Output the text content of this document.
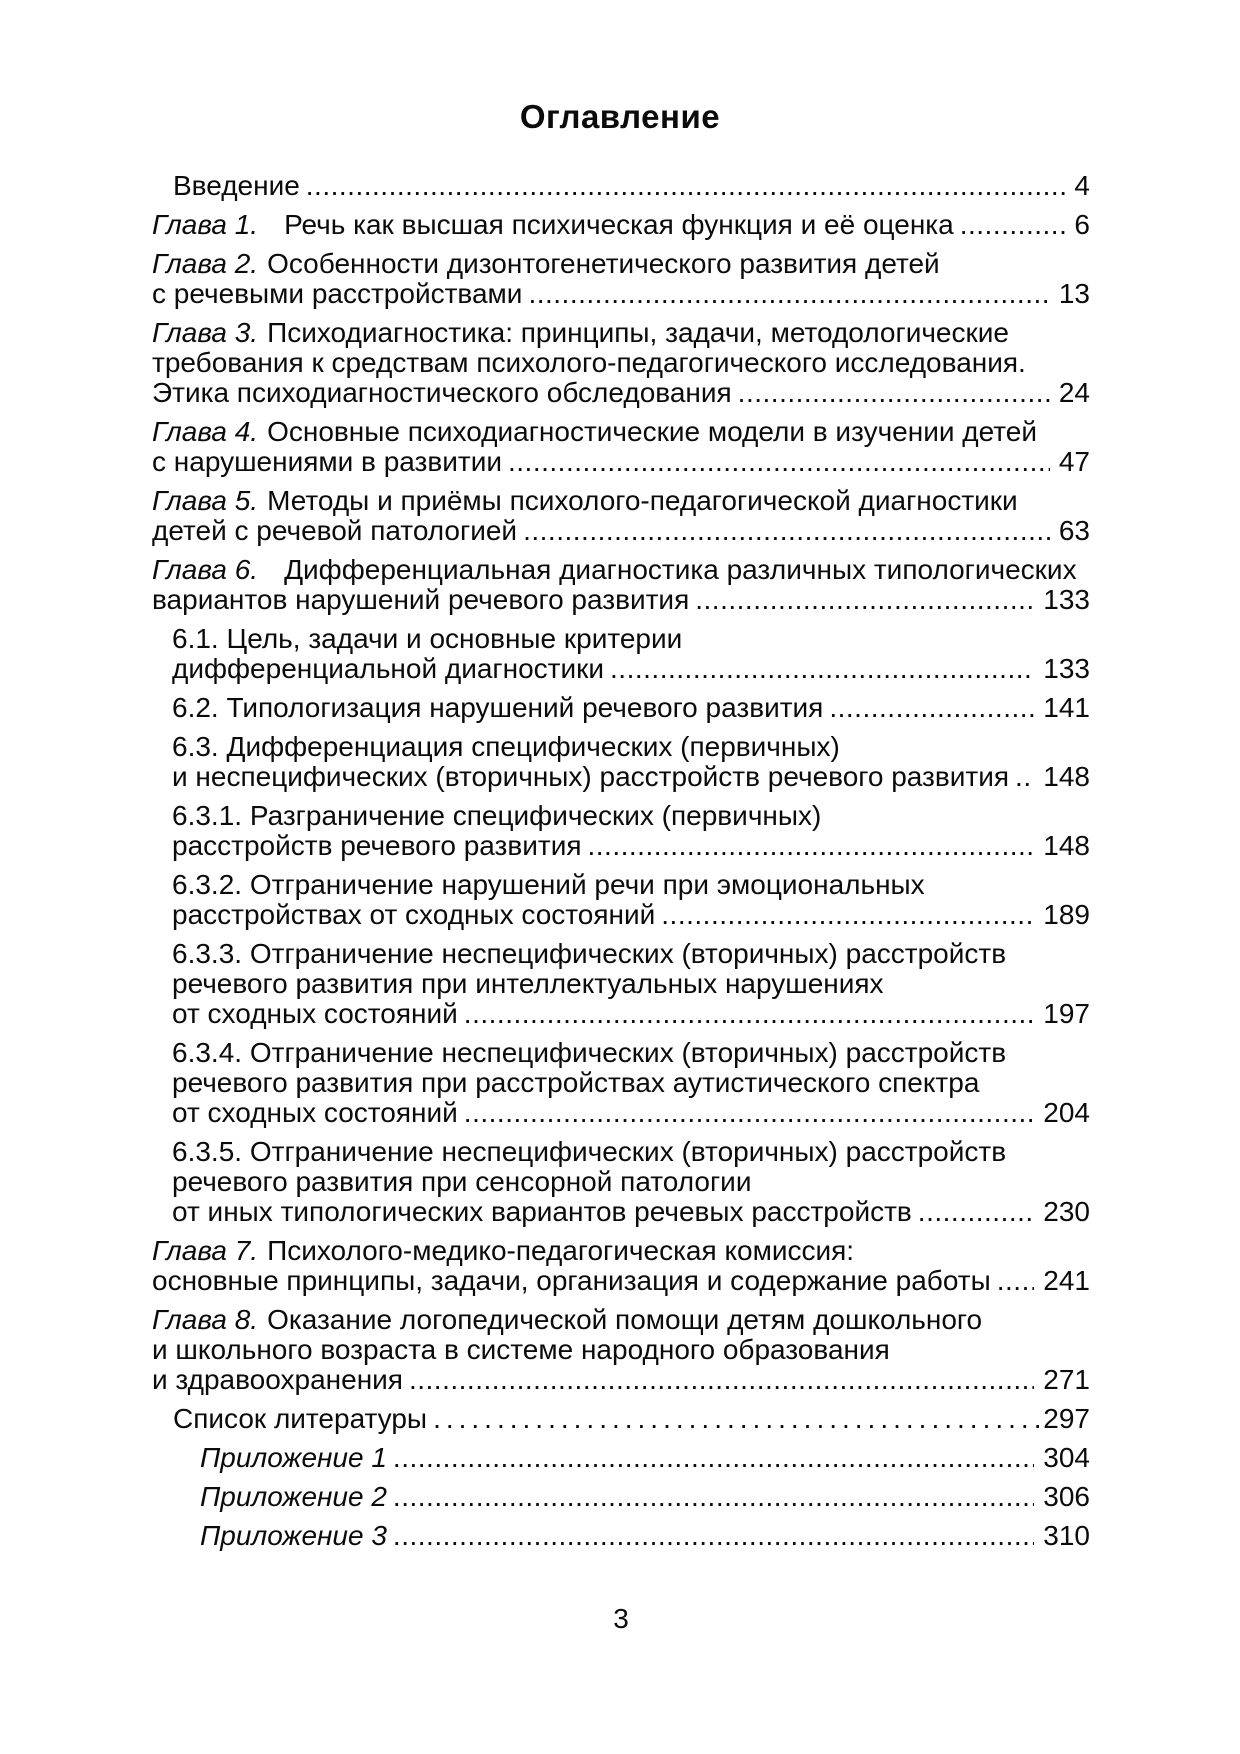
Оглавление
Введение .....	4
Глава 1. Речь как высшая психическая функция и её оценка .....	6
Глава 2. Особенности дизонтогенетического развития детей
с речевыми расстройствами .....	13
Глава 3. Психодиагностика: принципы, задачи, методологические
требования к средствам психолого-педагогического исследования.
Этика психодиагностического обследования .....	24
Глава 4. Основные психодиагностические модели в изучении детей
с нарушениями в развитии .....	47
Глава 5. Методы и приёмы психолого-педагогической диагностики
детей с речевой патологией .....	63
Глава 6. Дифференциальная диагностика различных типологических
вариантов нарушений речевого развития .....	133
6.1. Цель, задачи и основные критерии
дифференциальной диагностики .....	133
6.2. Типологизация нарушений речевого развития .....	141
6.3. Дифференциация специфических (первичных)
и неспецифических (вторичных) расстройств речевого развития ..... 148
6.3.1. Разграничение специфических (первичных)
расстройств речевого развития .....	148
6.3.2. Отграничение нарушений речи при эмоциональных
расстройствах от сходных состояний .....	189
6.3.3. Отграничение неспецифических (вторичных) расстройств
речевого развития при интеллектуальных нарушениях
от сходных состояний .....	197
6.3.4. Отграничение неспецифических (вторичных) расстройств
речевого развития при расстройствах аутистического спектра
от сходных состояний .....	204
6.3.5. Отграничение неспецифических (вторичных) расстройств
речевого развития при сенсорной патологии
от иных типологических вариантов речевых расстройств .....	230
Глава 7. Психолого-медико-педагогическая комиссия:
основные принципы, задачи, организация и содержание работы ..... 241
Глава 8. Оказание логопедической помощи детям дошкольного
и школьного возраста в системе народного образования
и здравоохранения .....	271
Список литературы .....	297
Приложение 1 .....	304
Приложение 2 .....	306
Приложение 3 .....	310
3
